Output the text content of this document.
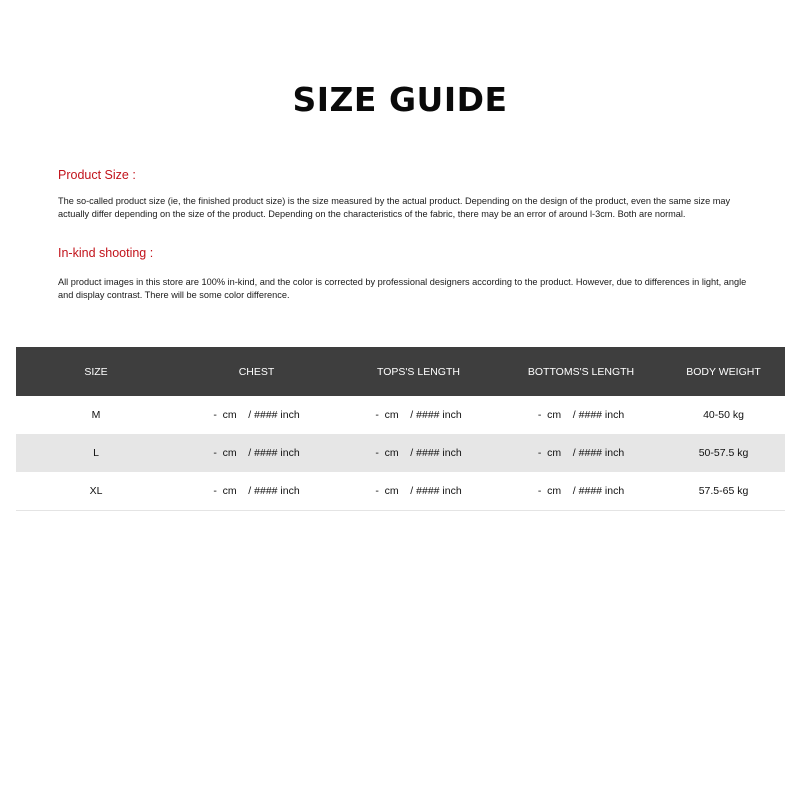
SIZE GUIDE
Product Size :
The so-called product size (ie, the finished product size) is the size measured by the actual product. Depending on the design of the product, even the same size may actually differ depending on the size of the product. Depending on the characteristics of the fabric, there may be an error of around l-3cm. Both are normal.
In-kind shooting :
All product images in this store are 100% in-kind, and the color is corrected by professional designers according to the product. However, due to differences in light, angle and display contrast. There will be some color difference.
SIZE	CHEST	TOPS'S LENGTH	BOTTOMS'S LENGTH	BODY WEIGHT
M	-  cm    / #### inch	-  cm    / #### inch	-  cm    / #### inch	40-50 kg
L	-  cm    / #### inch	-  cm    / #### inch	-  cm    / #### inch	50-57.5 kg
XL	-  cm    / #### inch	-  cm    / #### inch	-  cm    / #### inch	57.5-65 kg
